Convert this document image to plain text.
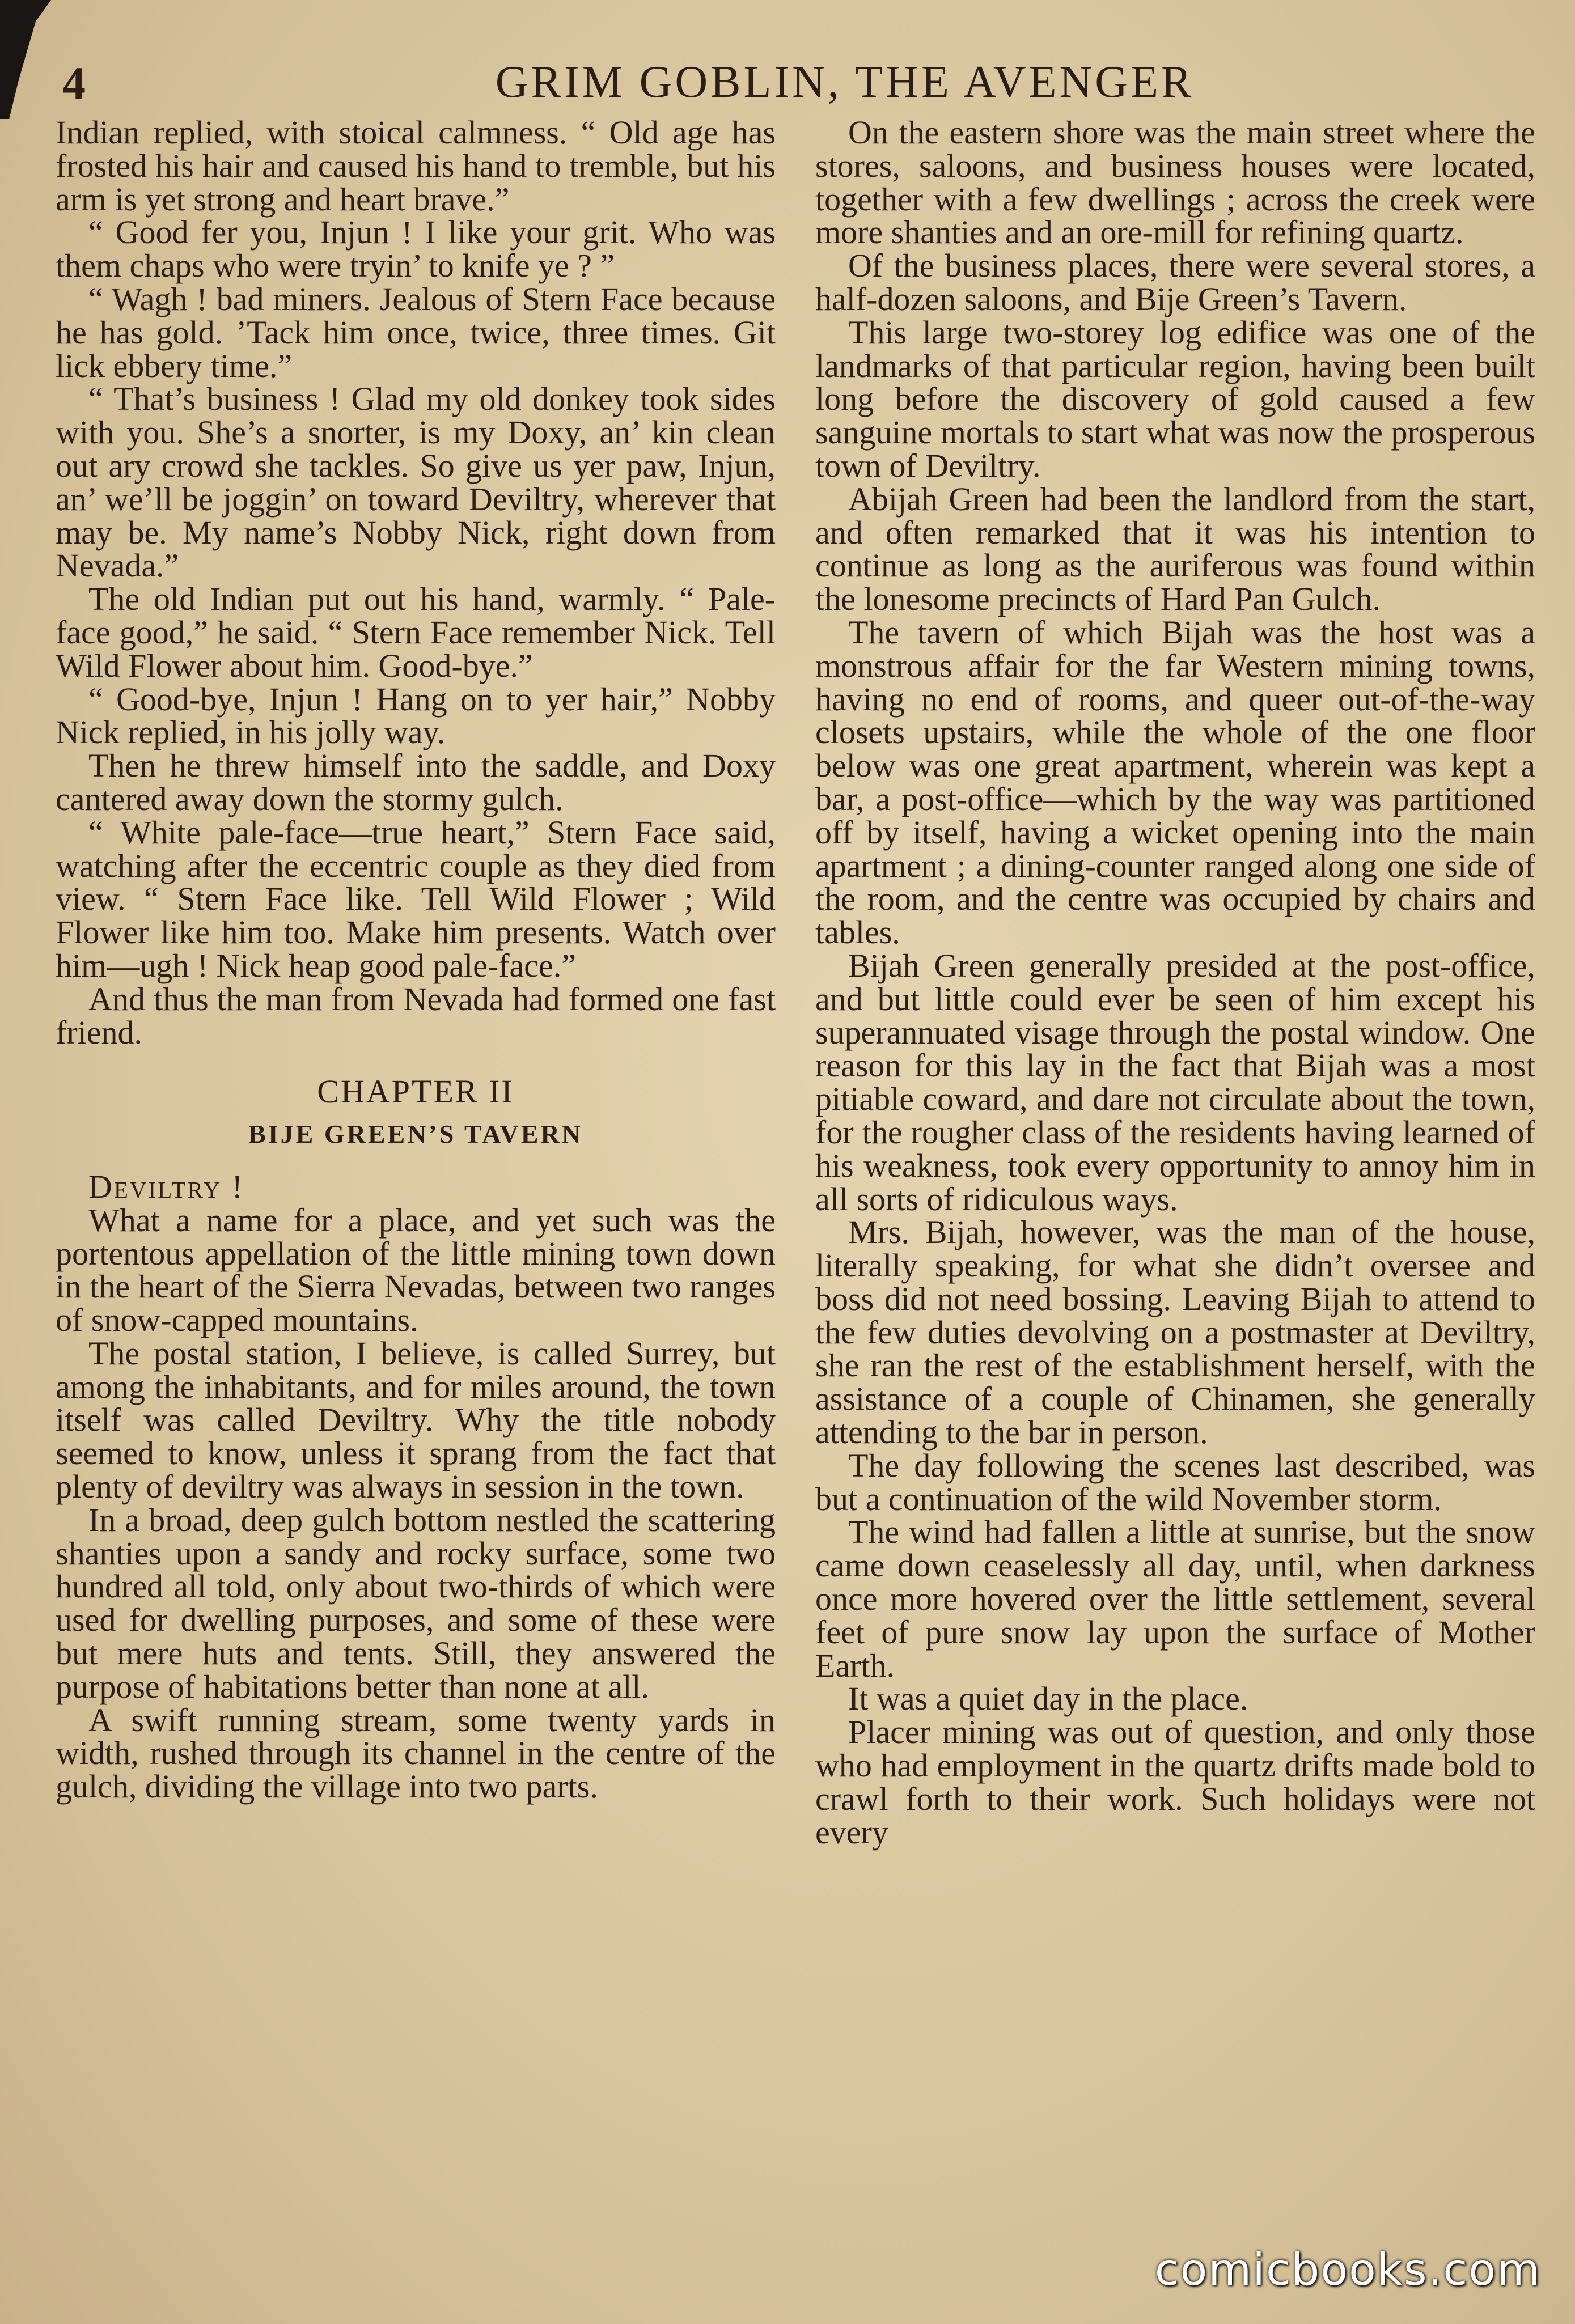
4	GRIM GOBLIN, THE AVENGER

Indian replied, with stoical calmness. “ Old age has frosted his hair and caused his hand to tremble, but his arm is yet strong and heart brave.”

“ Good fer you, Injun ! I like your grit. Who was them chaps who were tryin’ to knife ye ? ”

“ Wagh ! bad miners. Jealous of Stern Face because he has gold. ’Tack him once, twice, three times. Git lick ebbery time.”

“ That’s business ! Glad my old donkey took sides with you. She’s a snorter, is my Doxy, an’ kin clean out ary crowd she tackles. So give us yer paw, Injun, an’ we’ll be joggin’ on toward Deviltry, wherever that may be. My name’s Nobby Nick, right down from Nevada.”

The old Indian put out his hand, warmly. “ Pale-face good,” he said. “ Stern Face remember Nick. Tell Wild Flower about him. Good-bye.”

“ Good-bye, Injun ! Hang on to yer hair,” Nobby Nick replied, in his jolly way.

Then he threw himself into the saddle, and Doxy cantered away down the stormy gulch.

“ White pale-face—true heart,” Stern Face said, watching after the eccentric couple as they died from view. “ Stern Face like. Tell Wild Flower ; Wild Flower like him too. Make him presents. Watch over him—ugh ! Nick heap good pale-face.”

And thus the man from Nevada had formed one fast friend.

CHAPTER II
BIJE GREEN’S TAVERN

Deviltry !

What a name for a place, and yet such was the portentous appellation of the little mining town down in the heart of the Sierra Nevadas, between two ranges of snow-capped mountains.

The postal station, I believe, is called Surrey, but among the inhabitants, and for miles around, the town itself was called Deviltry. Why the title nobody seemed to know, unless it sprang from the fact that plenty of deviltry was always in session in the town.

In a broad, deep gulch bottom nestled the scattering shanties upon a sandy and rocky surface, some two hundred all told, only about two-thirds of which were used for dwelling purposes, and some of these were but mere huts and tents. Still, they answered the purpose of habitations better than none at all.

A swift running stream, some twenty yards in width, rushed through its channel in the centre of the gulch, dividing the village into two parts.

On the eastern shore was the main street where the stores, saloons, and business houses were located, together with a few dwellings ; across the creek were more shanties and an ore-mill for refining quartz.

Of the business places, there were several stores, a half-dozen saloons, and Bije Green’s Tavern.

This large two-storey log edifice was one of the landmarks of that particular region, having been built long before the discovery of gold caused a few sanguine mortals to start what was now the prosperous town of Deviltry.

Abijah Green had been the landlord from the start, and often remarked that it was his intention to continue as long as the auriferous was found within the lonesome precincts of Hard Pan Gulch.

The tavern of which Bijah was the host was a monstrous affair for the far Western mining towns, having no end of rooms, and queer out-of-the-way closets upstairs, while the whole of the one floor below was one great apartment, wherein was kept a bar, a post-office—which by the way was partitioned off by itself, having a wicket opening into the main apartment ; a dining-counter ranged along one side of the room, and the centre was occupied by chairs and tables.

Bijah Green generally presided at the post-office, and but little could ever be seen of him except his superannuated visage through the postal window. One reason for this lay in the fact that Bijah was a most pitiable coward, and dare not circulate about the town, for the rougher class of the residents having learned of his weakness, took every opportunity to annoy him in all sorts of ridiculous ways.

Mrs. Bijah, however, was the man of the house, literally speaking, for what she didn’t oversee and boss did not need bossing. Leaving Bijah to attend to the few duties devolving on a postmaster at Deviltry, she ran the rest of the establishment herself, with the assistance of a couple of Chinamen, she generally attending to the bar in person.

The day following the scenes last described, was but a continuation of the wild November storm.

The wind had fallen a little at sunrise, but the snow came down ceaselessly all day, until, when darkness once more hovered over the little settlement, several feet of pure snow lay upon the surface of Mother Earth.

It was a quiet day in the place.

Placer mining was out of question, and only those who had employment in the quartz drifts made bold to crawl forth to their work. Such holidays were not every

comicbooks.com
